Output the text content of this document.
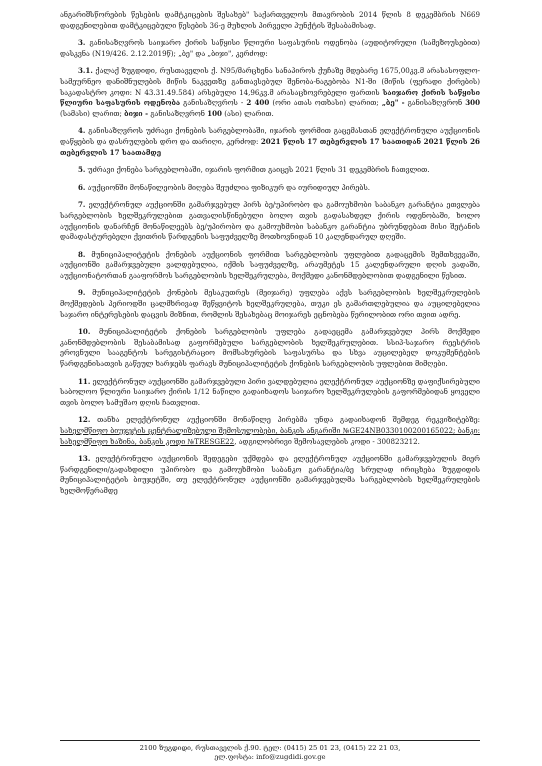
ანგარიშსწორების წესების დამტკიცების შესახებ" საქართველოს მთავრობის 2014 წლის 8 დეკემბრის N669 დადგენილებით დამტკიცებული წესების 36-ე მუხლის პირველი პუნქტის შესაბამისად.

3. განისაზღვროს საიჯარო ქირის საწყისი წლიური საფასურის ოდენობა (აუდიტორული (სამეზოუსებით) დასკვნა (N19/426. 2.12.2019წ); „ბე" და „ბიჯი", კერძოდ:

3.1. ქალაქ ზუგდიდი, რუსთაველის ქ. N95/მარცხენა სანაპიროს ქუჩაზე მდებარე 1675,00კვ.მ არასასოფლო-სამეურნეო დანიშნულების მიწის ნაკვეთზე განთავსებულ შენობა-ნაგებობა N1-ში (მიწის (ფერადი ქირების) საკადასტრო კოდი: N 43.31.49.584) არსებული 14,96კვ.მ არასაცხოვრებელი ფართის საიჯარო ქირის საწყისი წლიური საფასურის ოდენობა განისაზღვროს - 2 400 (ორი ათას ოთხასი) ლარით; „ბე" - განისაზღვრონ 300 (სამასი) ლარით; ბიჯი - განისაზღვრონ 100 (ასი) ლარით.

4. განისაზღვროს უძრავი ქონების სარგებლობაში, იჯარის ფორმით გაცემასთან ელექტრონული აუქციონის დაწყების და დასრულების დრო და თარიღი, კერძოდ: 2021 წლის 17 თებერვლის 17 საათიდან 2021 წლის 26 თებერვლის 17 საათამდე

5. უძრავი ქონება სარგებლობაში, იჯარის ფორმით გაიცეს 2021 წლის 31 დეკემბრის ჩათვლით.

6. აუქციონში მონაწილეობის მიღება შეუძლია ფიზიკურ და იურიდიულ პირებს.

7. ელექტრონულ აუქციონში გამარჯვებულ პირს ბე/უპირობო და გამოუხმობი საბანკო გარანტია ეთვლება სარგებლობის ხელშეკრულებით გათვალისწინებული ბოლო თვის გადასახდელ ქირის ოდენობაში, ხოლო აუქციონის დანარჩენ მონაწილეებს ბე/უპირობო და გამოუხმობი საბანკო გარანტია უბრუნდებათ მისი შეტანის დამადასტურებელი ქვითრის წარდგენის საფუძველზე მოთხოვნიდან 10 კალენდარულ დღეში.

8. მუნიციპალიტეტის ქონების აუქციონის ფორმით სარგებლობის უფლებით გადაცემის შემთხვევაში, აუქციონში გამარჯვებული ვალდებულია, იქმის საფუძველზე, არაუმეტეს 15 კალენდარული დღის ვადაში, აუქციონატორთან გააფორმოს სარგებლობის ხელშეკრულება, მოქმედი კანონმდებლობით დადგენილი წესით.

9. მუნიციპალიტეტის ქონების მესაკუთრეს (მეიჯარე) უფლება აქვს სარგებლობის ხელშეკრულების მოქმედების პერიოდში ცალმხრივად შეწყვიტოს ხელშეკრულება, თუკი ეს გამართლებულია და აუცილებელია საჯარო ინტერესების დაცვის მიზნით, რომლის შესახებაც მოიჯარეს ეცნობება წერილობით ორი თვით ადრე.

10. მუნიციპალიტეტის ქონების სარგებლობის უფლება გადაეცემა გამარჯვებულ პირს მოქმედი კანონმდებლობის შესაბამისად გაფორმებული სარგებლობის ხელშეკრულებით. სსიპ-საჯარო რეესტრის ეროვნული სააგენტოს სარეგისტრაციო მომსახურების საფასურსა და სხვა აუცილებელ დოკუმენტების წარდგენისათვის გაწეულ ხარჯებს ფარავს მუნიციპალიტეტის ქონების სარგებლობის უფლებით მიმღები.

11. ელექტრონულ აუქციონში გამარჯვებული პირი ვალდებულია ელექტრონულ აუქციონზე დაფიქსირებული საბოლოო წლიური საიჯარო ქირის 1/12 ნაწილი გადაიხადოს საიჯარო ხელშეკრულების გაფორმებიდან ყოველი თვის ბოლო სამუშაო დღის ჩათვლით.

12. თანხა ელექტრონულ აუქციონში მონაწილე პირებმა უნდა გადაიხადონ შემდეგ რეკვიზიტებზე: სახელმწიფო ბიუჯეტის ცენტრალიზებული შემოსულობები, ბანკის ანგარიში №GE24NB0330100200165022; ბანკი: სახელმწიფო ხაზინა, ბანკის კოდი №TRESGE22, ადგილობრივი შემოსავლების კოდი - 300823212.

13. ელექტრონული აუქციონის შედეგები უქმდება და ელექტრონულ აუქციონში გამარჯვებულის მიერ წარდგენილი/გადახდილი უპირობო და გამოუხმობი საბანკო გარანტია/ბე სრულად ირიცხება ზუგდიდის მუნიციპალიტეტის ბიუჯეტში, თუ ელექტრონულ აუქციონში გამარჯვებულმა სარგებლობის ხელშეკრულების ხელმოწერამდე

2100 ზუგდიდი, რუსთაველის ქ.90. ტელ: (0415) 25 01 23, (0415) 22 21 03,
ელ.ფოსტა: info@zugdidi.gov.ge
